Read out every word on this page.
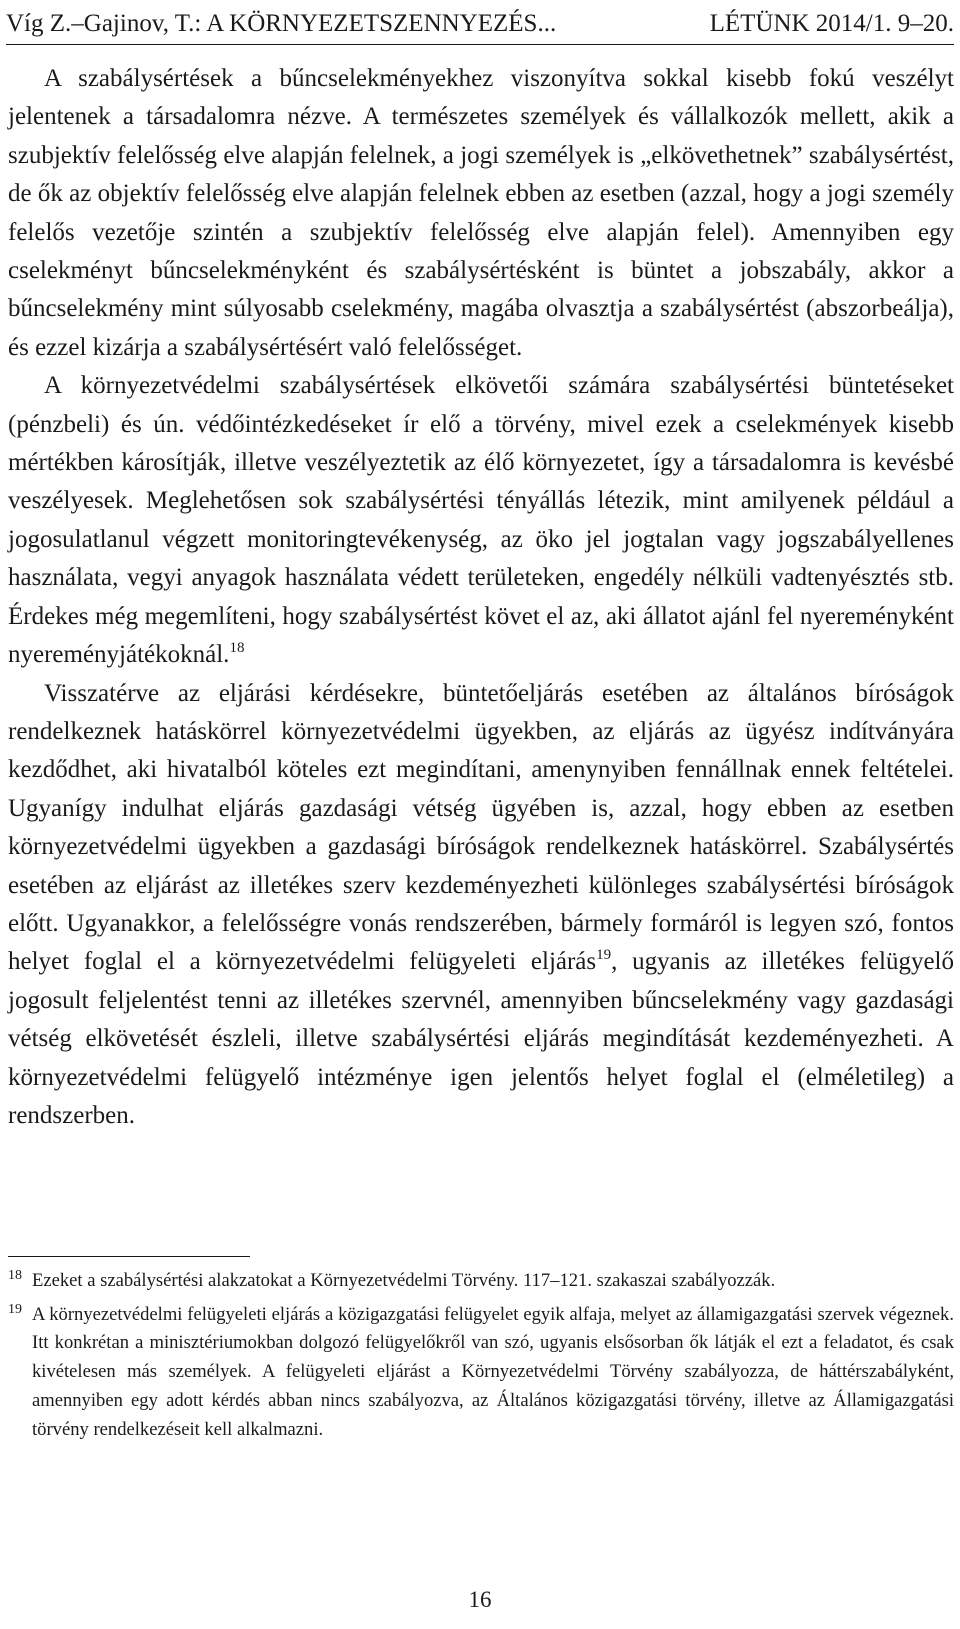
Víg Z.–Gajinov, T.: A KÖRNYEZETSZENNYEZÉS...	LÉTÜNK 2014/1. 9–20.

A szabálysértések a bűncselekményekhez viszonyítva sokkal kisebb fokú veszélyt jelentenek a társadalomra nézve. A természetes személyek és vállalkozók mellett, akik a szubjektív felelősség elve alapján felelnek, a jogi személyek is „elkövethetnek” szabálysértést, de ők az objektív felelősség elve alapján felelnek ebben az esetben (azzal, hogy a jogi személy felelős vezetője szintén a szubjektív felelősség elve alapján felel). Amennyiben egy cselekményt bűncselekményként és szabálysértésként is büntet a jobszabály, akkor a bűncselekmény mint súlyosabb cselekmény, magába olvasztja a szabálysértést (abszorbeálja), és ezzel kizárja a szabálysértésért való felelősséget.

A környezetvédelmi szabálysértések elkövetői számára szabálysértési büntetéseket (pénzbeli) és ún. védőintézkedéseket ír elő a törvény, mivel ezek a cselekmények kisebb mértékben károsítják, illetve veszélyeztetik az élő környezetet, így a társadalomra is kevésbé veszélyesek. Meglehetősen sok szabálysértési tényállás létezik, mint amilyenek például a jogosulatlanul végzett monitoringtevékenység, az öko jel jogtalan vagy jogszabályellenes használata, vegyi anyagok használata védett területeken, engedély nélküli vadtenyésztés stb. Érdekes még megemlíteni, hogy szabálysértést követ el az, aki állatot ajánl fel nyereményként nyereményjátékoknál.$^{18}$

Visszatérve az eljárási kérdésekre, büntetőeljárás esetében az általános bíróságok rendelkeznek hatáskörrel környezetvédelmi ügyekben, az eljárás az ügyész indítványára kezdődhet, aki hivatalból köteles ezt megindítani, amenynyiben fennállnak ennek feltételei. Ugyanígy indulhat eljárás gazdasági vétség ügyében is, azzal, hogy ebben az esetben környezetvédelmi ügyekben a gazdasági bíróságok rendelkeznek hatáskörrel. Szabálysértés esetében az eljárást az illetékes szerv kezdeményezheti különleges szabálysértési bíróságok előtt. Ugyanakkor, a felelősségre vonás rendszerében, bármely formáról is legyen szó, fontos helyet foglal el a környezetvédelmi felügyeleti eljárás$^{19}$, ugyanis az illetékes felügyelő jogosult feljelentést tenni az illetékes szervnél, amennyiben bűncselekmény vagy gazdasági vétség elkövetését észleli, illetve szabálysértési eljárás megindítását kezdeményezheti. A környezetvédelmi felügyelő intézménye igen jelentős helyet foglal el (elméletileg) a rendszerben.

18 Ezeket a szabálysértési alakzatokat a Környezetvédelmi Törvény. 117–121. szakaszai szabályozzák.
19 A környezetvédelmi felügyeleti eljárás a közigazgatási felügyelet egyik alfaja, melyet az államigazgatási szervek végeznek. Itt konkrétan a minisztériumokban dolgozó felügyelőkről van szó, ugyanis elsősorban ők látják el ezt a feladatot, és csak kivételesen más személyek. A felügyeleti eljárást a Környezetvédelmi Törvény szabályozza, de háttérszabályként, amennyiben egy adott kérdés abban nincs szabályozva, az Általános közigazgatási törvény, illetve az Államigazgatási törvény rendelkezéseit kell alkalmazni.
16
